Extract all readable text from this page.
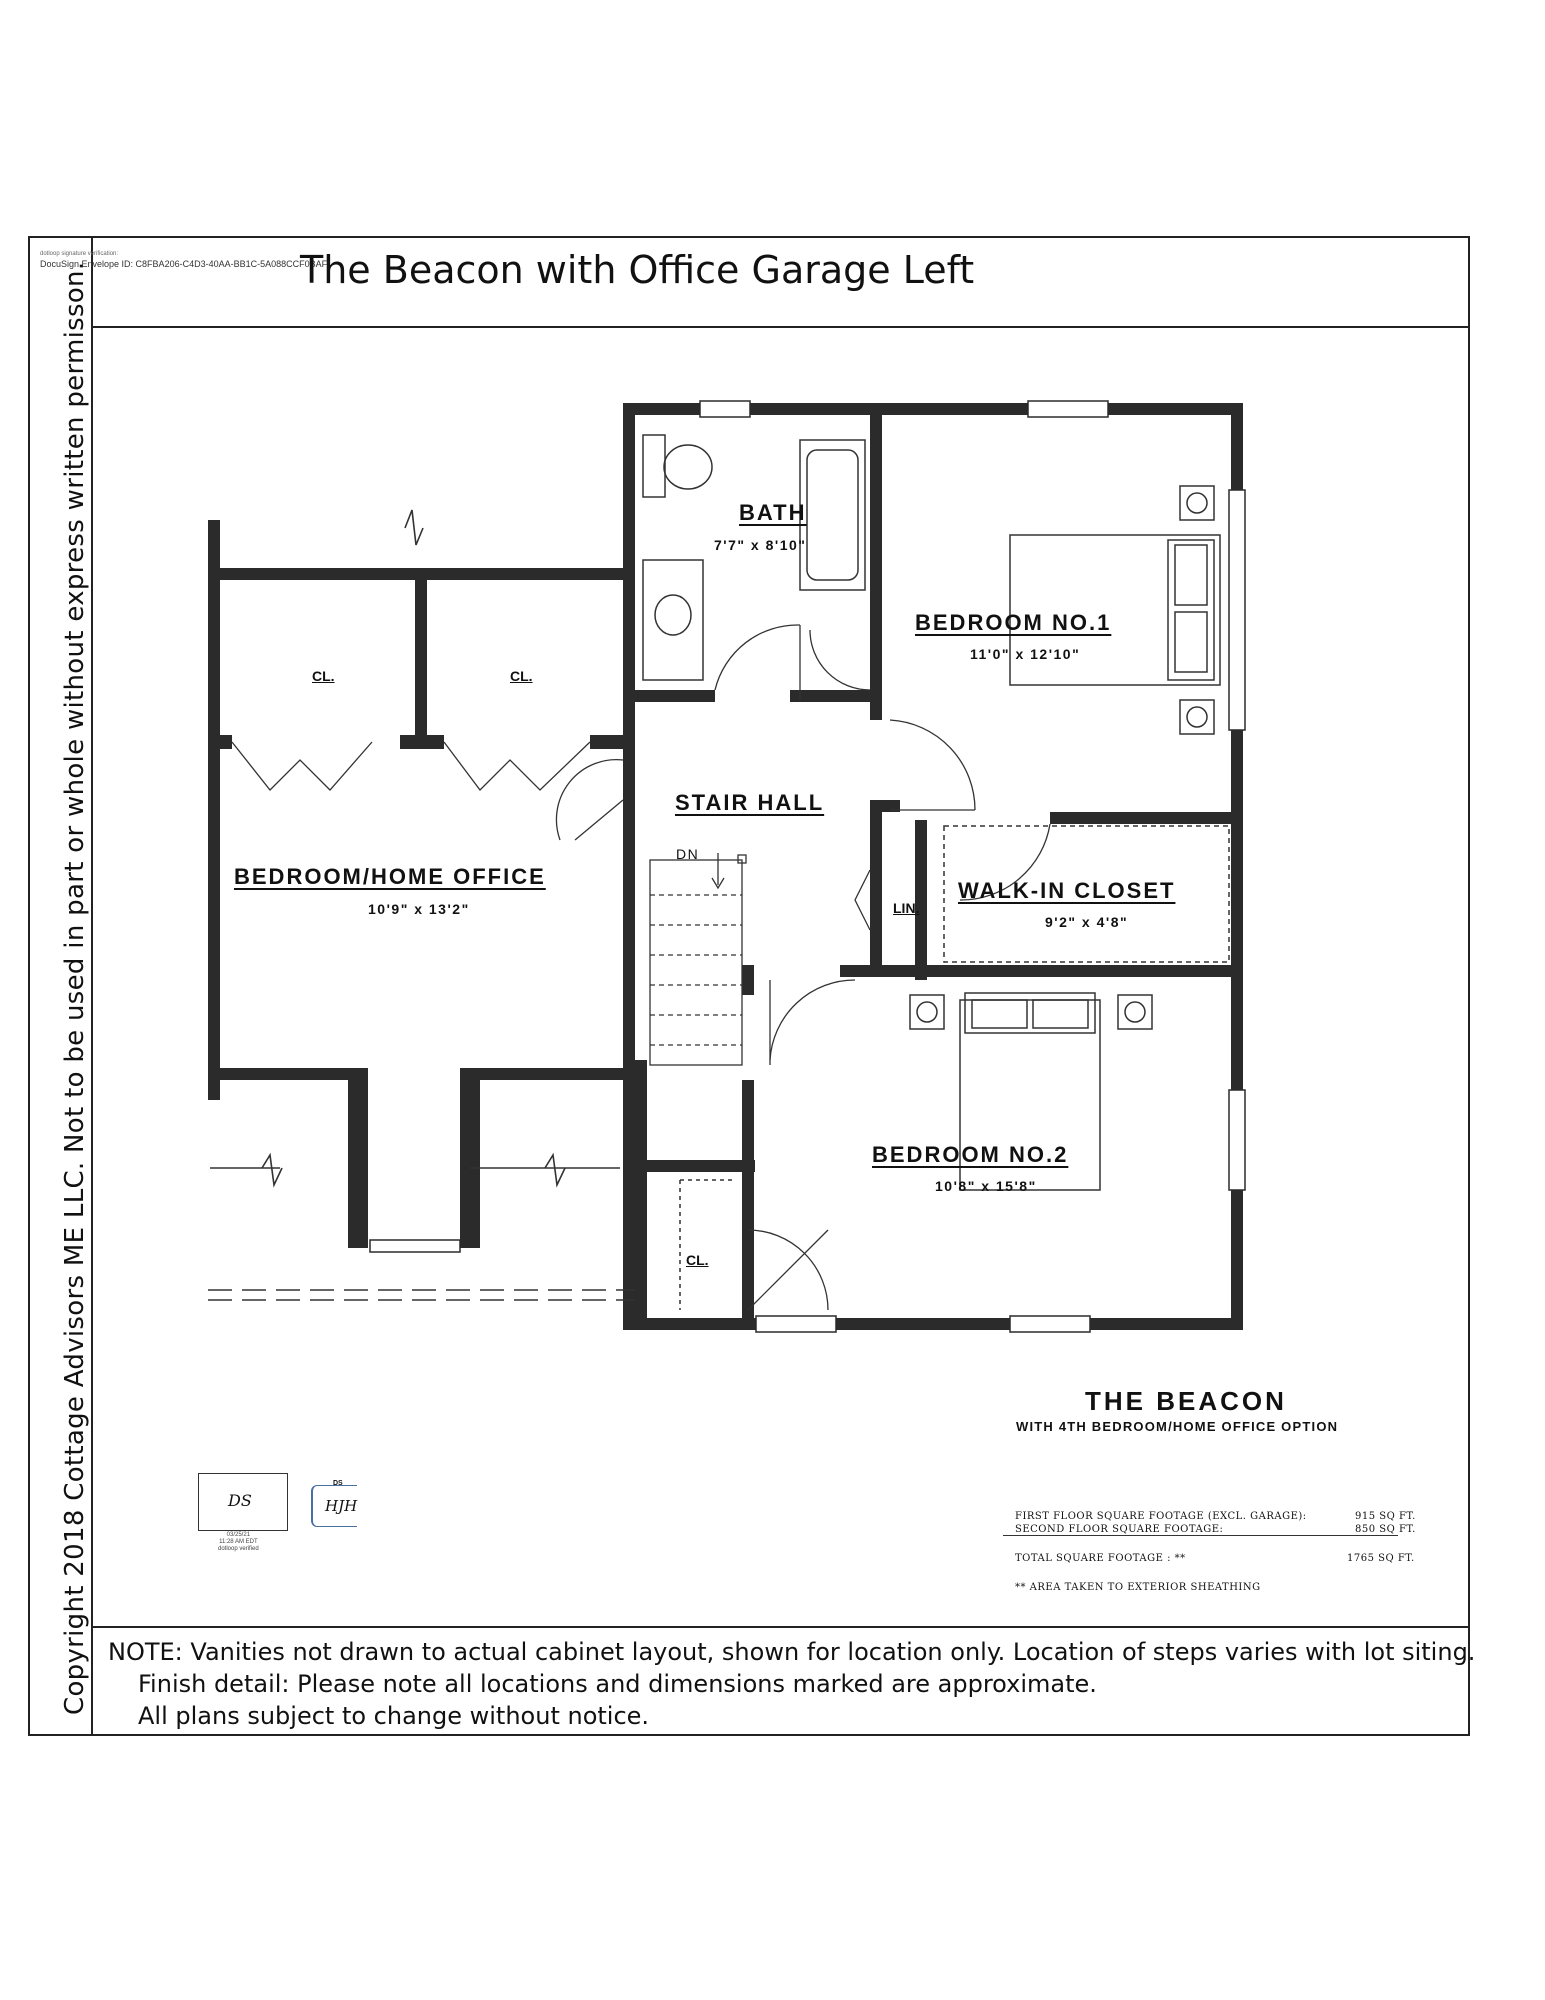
Copyright 2018 Cottage Advisors ME LLC. Not to be used in part or whole without express written permisson.
dotloop signature verification:
DocuSign Envelope ID: C8FBA206-C4D3-40AA-BB1C-5A088CCF0BAF
The Beacon with Office Garage Left
BATH
7'7" x 8'10"
BEDROOM NO.1
11'0" x 12'10"
STAIR HALL
BEDROOM/HOME OFFICE
10'9" x 13'2"
WALK-IN CLOSET
9'2" x 4'8"
BEDROOM NO.2
10'8" x 15'8"
CL.	CL.
CL.
LIN.
DN
THE BEACON
WITH 4TH BEDROOM/HOME OFFICE OPTION
FIRST FLOOR SQUARE FOOTAGE (EXCL. GARAGE):	915 SQ FT.
SECOND FLOOR SQUARE FOOTAGE:	850 SQ FT.
TOTAL SQUARE FOOTAGE : **	1765 SQ FT.
** AREA TAKEN TO EXTERIOR SHEATHING
DS
03/25/21
11:28 AM EDT
dotloop verified
DS
HJH
NOTE: Vanities not drawn to actual cabinet layout, shown for location only. Location of steps varies with lot siting.
Finish detail: Please note all locations and dimensions marked are approximate.
All plans subject to change without notice.
